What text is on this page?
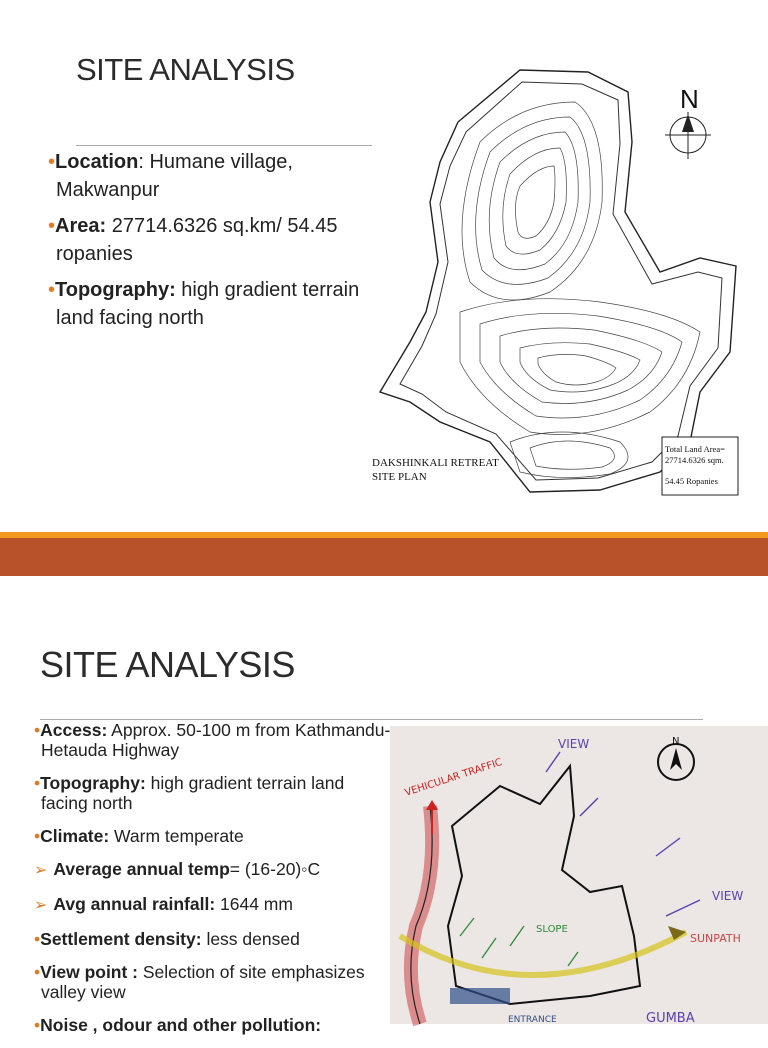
SITE ANALYSIS
•Location: Humane village, Makwanpur
•Area: 27714.6326 sq.km/ 54.45 ropanies
•Topography: high gradient terrain land facing north
N
DAKSHINKALI RETREAT
SITE PLAN
Total Land Area=
27714.6326 sqm.
54.45 Ropanies
SITE ANALYSIS
•Access: Approx. 50-100 m from Kathmandu- Hetauda Highway
•Topography: high gradient terrain land facing north
•Climate: Warm temperate
➢ Average annual temp= (16-20)◦C
➢ Avg annual rainfall: 1644 mm
•Settlement density: less densed
•View point : Selection of site emphasizes valley view
•Noise , odour and other pollution:
VEHICULAR TRAFFIC
VIEW
VIEW
SLOPE
SUNPATH
ENTRANCE	GUMBA
N
